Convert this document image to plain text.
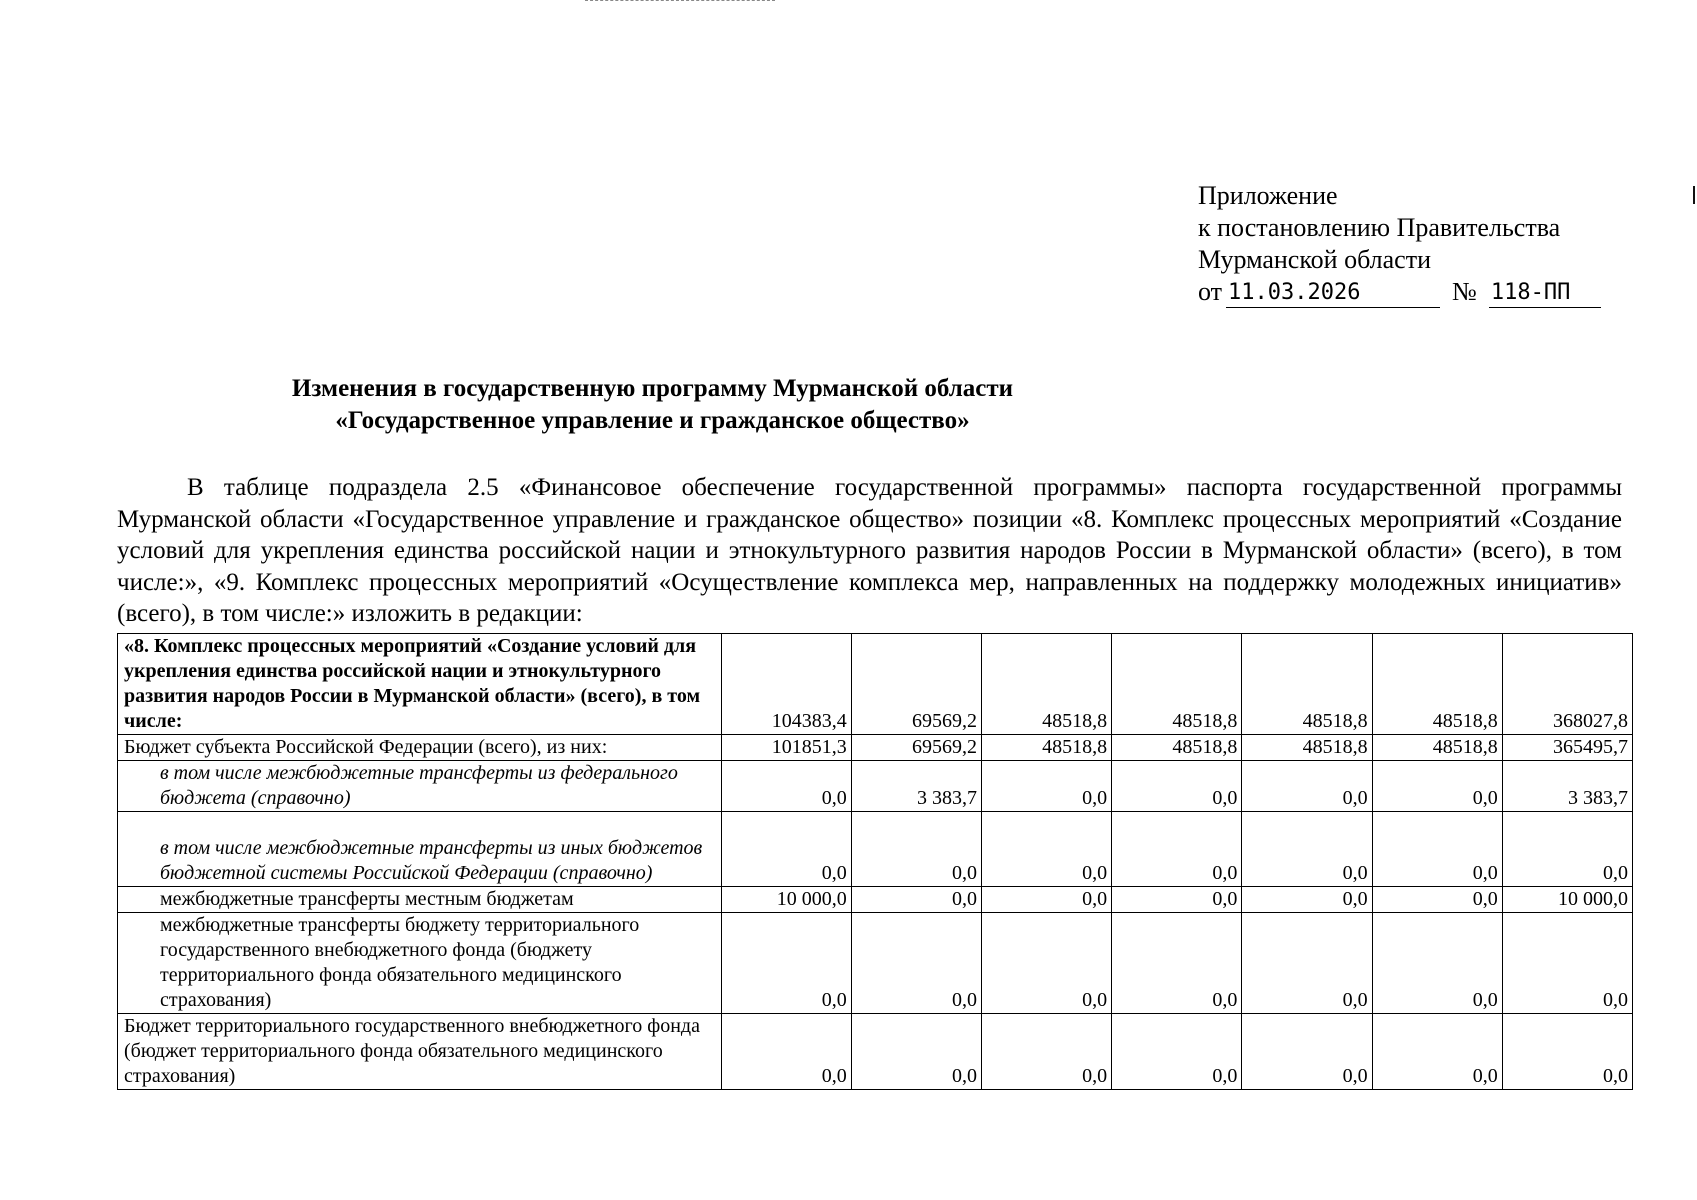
Приложение
к постановлению Правительства
Мурманской области
от 11.03.2026	№ 118-ПП
Изменения в государственную программу Мурманской области
«Государственное управление и гражданское общество»
В таблице подраздела 2.5 «Финансовое обеспечение государственной программы» паспорта государственной программы Мурманской области «Государственное управление и гражданское общество» позиции «8. Комплекс процессных мероприятий «Создание условий для укрепления единства российской нации и этнокультурного развития народов России в Мурманской области» (всего), в том числе:», «9. Комплекс процессных мероприятий «Осуществление комплекса мер, направленных на поддержку молодежных инициатив» (всего), в том числе:» изложить в редакции:
«8. Комплекс процессных мероприятий «Создание условий для укрепления единства российской нации и этнокультурного развития народов России в Мурманской области» (всего), в том числе:	104383,4	69569,2	48518,8	48518,8	48518,8	48518,8	368027,8
Бюджет субъекта Российской Федерации (всего), из них:	101851,3	69569,2	48518,8	48518,8	48518,8	48518,8	365495,7
в том числе межбюджетные трансферты из федерального бюджета (справочно)	0,0	3 383,7	0,0	0,0	0,0	0,0	3 383,7
в том числе межбюджетные трансферты из иных бюджетов бюджетной системы Российской Федерации (справочно)	0,0	0,0	0,0	0,0	0,0	0,0	0,0
межбюджетные трансферты местным бюджетам	10 000,0	0,0	0,0	0,0	0,0	0,0	10 000,0
межбюджетные трансферты бюджету территориального государственного внебюджетного фонда (бюджету территориального фонда обязательного медицинского страхования)	0,0	0,0	0,0	0,0	0,0	0,0	0,0
Бюджет территориального государственного внебюджетного фонда (бюджет территориального фонда обязательного медицинского страхования)	0,0	0,0	0,0	0,0	0,0	0,0	0,0
